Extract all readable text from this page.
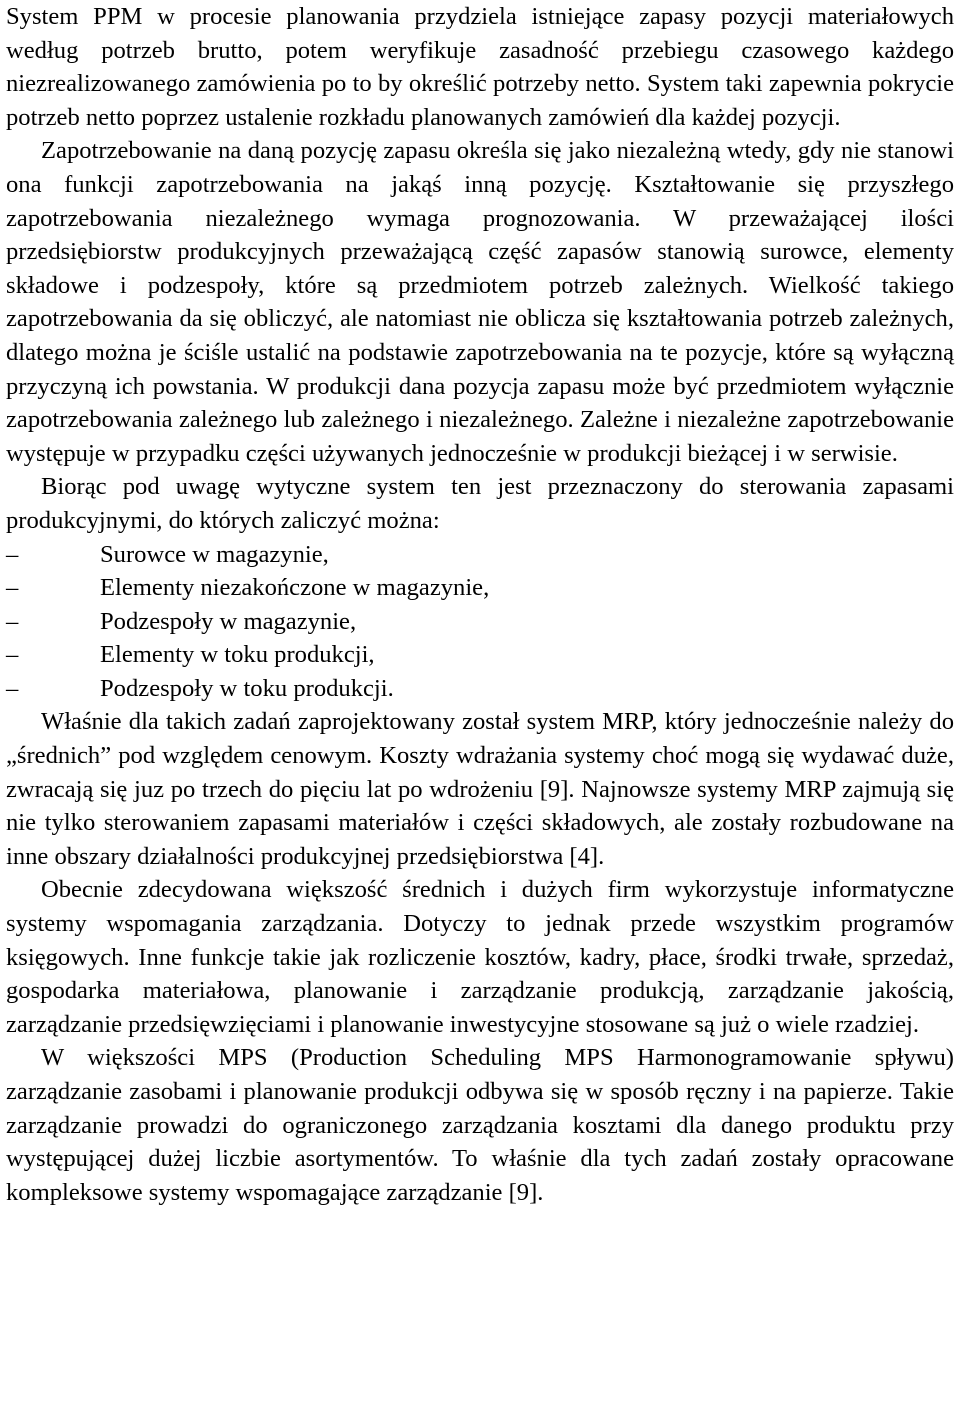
System PPM w procesie planowania przydziela istniejące zapasy pozycji materiałowych według potrzeb brutto, potem weryfikuje zasadność przebiegu czasowego każdego niezrealizowanego zamówienia po to by określić potrzeby netto. System taki zapewnia pokrycie potrzeb netto poprzez ustalenie rozkładu planowanych zamówień dla każdej pozycji.

Zapotrzebowanie na daną pozycję zapasu określa się jako niezależną wtedy, gdy nie stanowi ona funkcji zapotrzebowania na jakąś inną pozycję. Kształtowanie się przyszłego zapotrzebowania niezależnego wymaga prognozowania. W przeważającej ilości przedsiębiorstw produkcyjnych przeważającą część zapasów stanowią surowce, elementy składowe i podzespoły, które są przedmiotem potrzeb zależnych. Wielkość takiego zapotrzebowania da się obliczyć, ale natomiast nie oblicza się kształtowania potrzeb zależnych, dlatego można je ściśle ustalić na podstawie zapotrzebowania na te pozycje, które są wyłączną przyczyną ich powstania. W produkcji dana pozycja zapasu może być przedmiotem wyłącznie zapotrzebowania zależnego lub zależnego i niezależnego. Zależne i niezależne zapotrzebowanie występuje w przypadku części używanych jednocześnie w produkcji bieżącej i w serwisie.

Biorąc pod uwagę wytyczne system ten jest przeznaczony do sterowania zapasami produkcyjnymi, do których zaliczyć można:

–	Surowce w magazynie,
–	Elementy niezakończone w magazynie,
–	Podzespoły w magazynie,
–	Elementy w toku produkcji,
–	Podzespoły w toku produkcji.

Właśnie dla takich zadań zaprojektowany został system MRP, który jednocześnie należy do „średnich” pod względem cenowym. Koszty wdrażania systemy choć mogą się wydawać duże, zwracają się juz po trzech do pięciu lat po wdrożeniu [9]. Najnowsze systemy MRP zajmują się nie tylko sterowaniem zapasami materiałów i części składowych, ale zostały rozbudowane na inne obszary działalności produkcyjnej przedsiębiorstwa [4].

Obecnie zdecydowana większość średnich i dużych firm wykorzystuje informatyczne systemy wspomagania zarządzania. Dotyczy to jednak przede wszystkim programów księgowych. Inne funkcje takie jak rozliczenie kosztów, kadry, płace, środki trwałe, sprzedaż, gospodarka materiałowa, planowanie i zarządzanie produkcją, zarządzanie jakością, zarządzanie przedsięwzięciami i planowanie inwestycyjne stosowane są już o wiele rzadziej.

W większości MPS (Production Scheduling MPS Harmonogramowanie spływu) zarządzanie zasobami i planowanie produkcji odbywa się w sposób ręczny i na papierze. Takie zarządzanie prowadzi do ograniczonego zarządzania kosztami dla danego produktu przy występującej dużej liczbie asortymentów. To właśnie dla tych zadań zostały opracowane kompleksowe systemy wspomagające zarządzanie [9].
